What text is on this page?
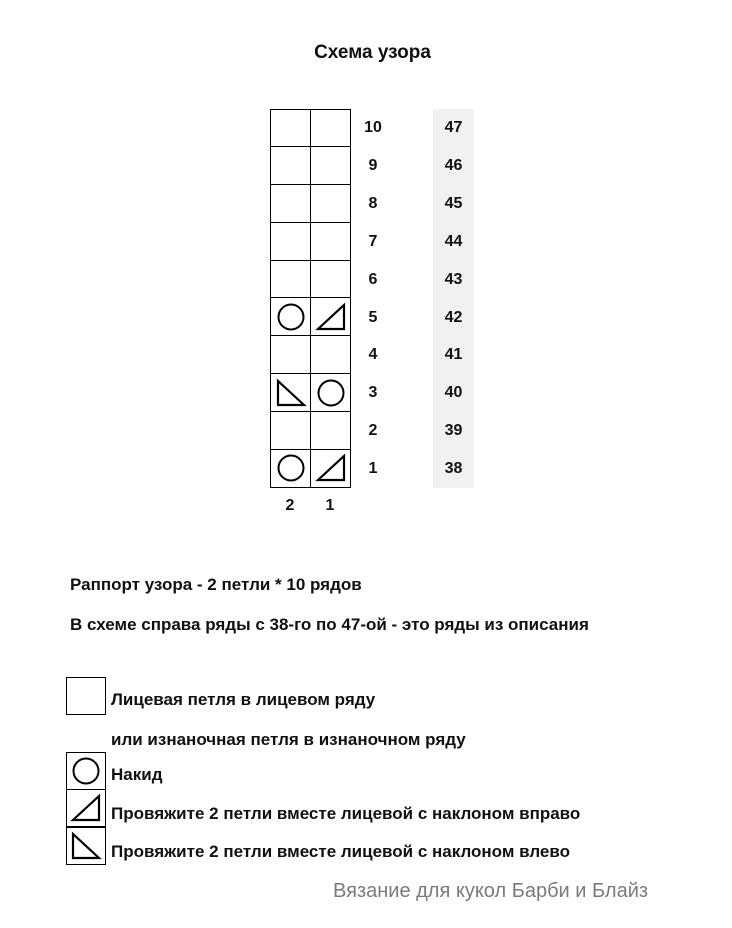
Схема узора
10	47
9	46
8	45
7	44
6	43
5	42
4	41
3	40
2	39
1	38
2	1
Раппорт узора - 2 петли * 10 рядов
В схеме справа ряды с 38-го по 47-ой - это ряды из описания
Лицевая петля в лицевом ряду
или изнаночная петля в изнаночном ряду
Накид
Провяжите 2 петли вместе лицевой с наклоном вправо
Провяжите 2 петли вместе лицевой с наклоном влево
Вязание для кукол Барби и Блайз
